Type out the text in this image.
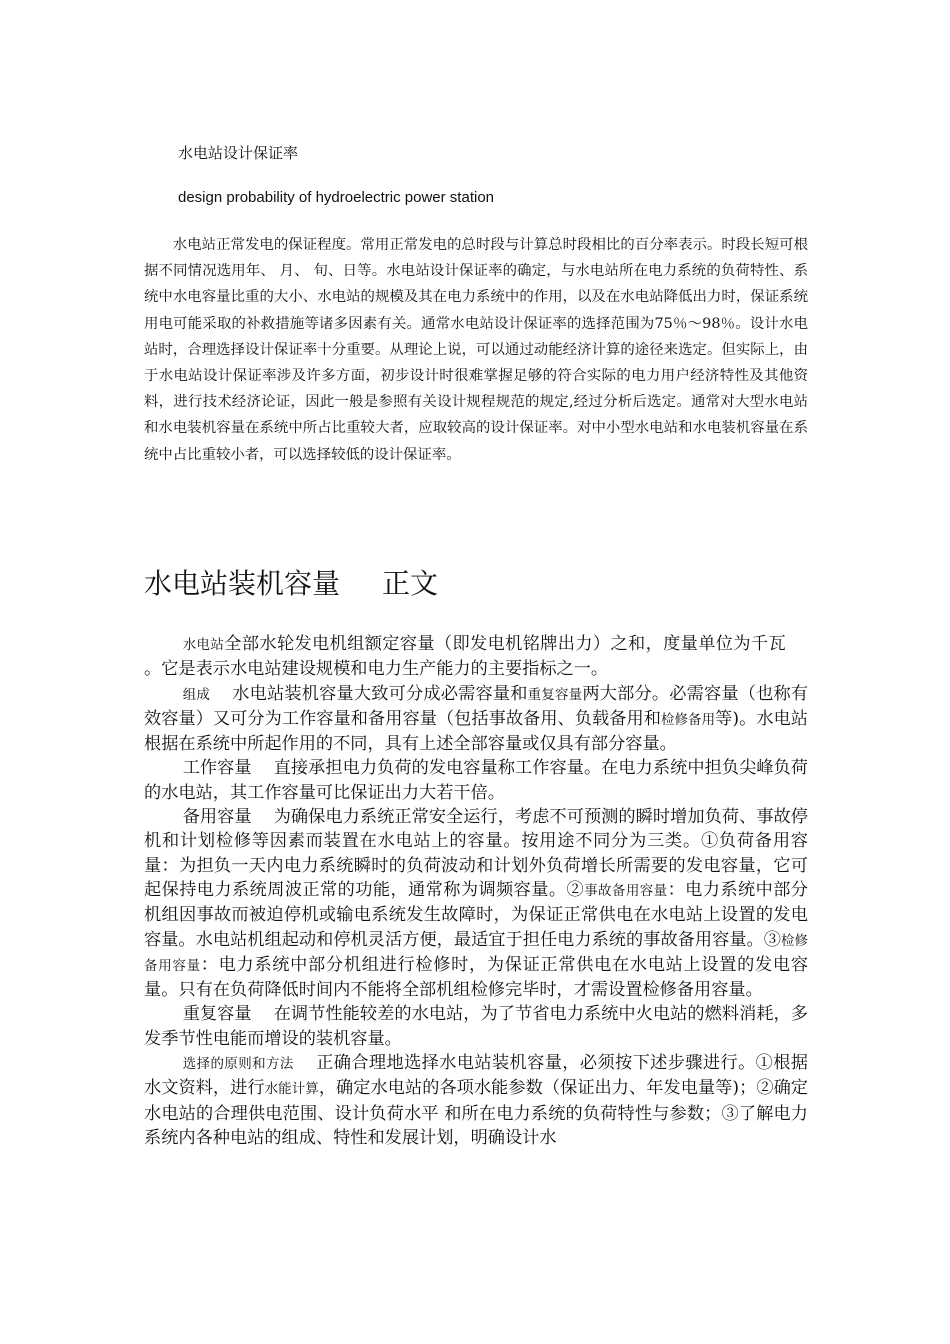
水电站设计保证率
design probability of hydroelectric power station

水电站正常发电的保证程度。常用正常发电的总时段与计算总时段相比的百分率表示。时段长短可根据不同情况选用年、 月、 旬、日等。水电站设计保证率的确定，与水电站所在电力系统的负荷特性、系统中水电容量比重的大小、水电站的规模及其在电力系统中的作用，以及在水电站降低出力时，保证系统用电可能采取的补救措施等诸多因素有关。通常水电站设计保证率的选择范围为75％～98％。设计水电站时，合理选择设计保证率十分重要。从理论上说，可以通过动能经济计算的途径来选定。但实际上，由于水电站设计保证率涉及许多方面，初步设计时很难掌握足够的符合实际的电力用户经济特性及其他资料，进行技术经济论证，因此一般是参照有关设计规程规范的规定,经过分析后选定。通常对大型水电站和水电装机容量在系统中所占比重较大者，应取较高的设计保证率。对中小型水电站和水电装机容量在系统中占比重较小者，可以选择较低的设计保证率。

水电站装机容量 正文

水电站全部水轮发电机组额定容量（即发电机铭牌出力）之和，度量单位为千瓦。它是表示水电站建设规模和电力生产能力的主要指标之一。

组成 水电站装机容量大致可分成必需容量和重复容量两大部分。必需容量（也称有效容量）又可分为工作容量和备用容量（包括事故备用、负载备用和检修备用等)。水电站根据在系统中所起作用的不同，具有上述全部容量或仅具有部分容量。

工作容量 直接承担电力负荷的发电容量称工作容量。在电力系统中担负尖峰负荷的水电站，其工作容量可比保证出力大若干倍。

备用容量 为确保电力系统正常安全运行，考虑不可预测的瞬时增加负荷、事故停机和计划检修等因素而装置在水电站上的容量。按用途不同分为三类。①负荷备用容量：为担负一天内电力系统瞬时的负荷波动和计划外负荷增长所需要的发电容量，它可起保持电力系统周波正常的功能，通常称为调频容量。②事故备用容量：电力系统中部分机组因事故而被迫停机或输电系统发生故障时，为保证正常供电在水电站上设置的发电容量。水电站机组起动和停机灵活方便，最适宜于担任电力系统的事故备用容量。③检修备用容量：电力系统中部分机组进行检修时，为保证正常供电在水电站上设置的发电容量。只有在负荷降低时间内不能将全部机组检修完毕时，才需设置检修备用容量。

重复容量 在调节性能较差的水电站，为了节省电力系统中火电站的燃料消耗，多发季节性电能而增设的装机容量。

选择的原则和方法 正确合理地选择水电站装机容量，必须按下述步骤进行。①根据水文资料，进行水能计算，确定水电站的各项水能参数（保证出力、年发电量等)；②确定水电站的合理供电范围、设计负荷水平 和所在电力系统的负荷特性与参数；③了解电力系统内各种电站的组成、特性和发展计划，明确设计水
